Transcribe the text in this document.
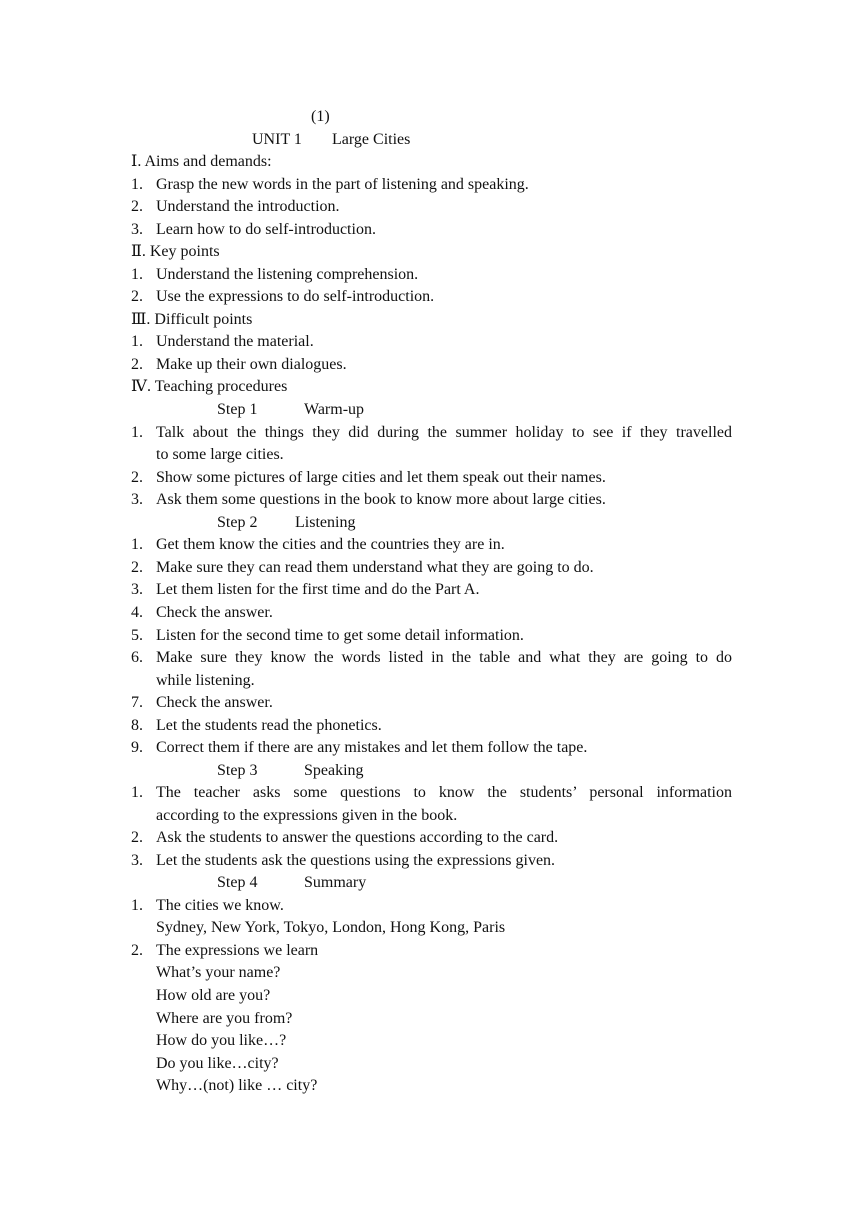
(1)
UNIT 1 Large Cities
Ⅰ. Aims and demands:
1. Grasp the new words in the part of listening and speaking.
2. Understand the introduction.
3. Learn how to do self-introduction.
Ⅱ. Key points
1. Understand the listening comprehension.
2. Use the expressions to do self-introduction.
Ⅲ. Difficult points
1. Understand the material.
2. Make up their own dialogues.
Ⅳ. Teaching procedures
Step 1	Warm-up
1. Talk about the things they did during the summer holiday to see if they travelled
to some large cities.
2. Show some pictures of large cities and let them speak out their names.
3. Ask them some questions in the book to know more about large cities.
Step 2 Listening
1. Get them know the cities and the countries they are in.
2. Make sure they can read them understand what they are going to do.
3. Let them listen for the first time and do the Part A.
4. Check the answer.
5. Listen for the second time to get some detail information.
6. Make sure they know the words listed in the table and what they are going to do
while listening.
7. Check the answer.
8. Let the students read the phonetics.
9. Correct them if there are any mistakes and let them follow the tape.
Step 3	Speaking
1. The teacher asks some questions to know the students’ personal information
according to the expressions given in the book.
2. Ask the students to answer the questions according to the card.
3. Let the students ask the questions using the expressions given.
Step 4	Summary
1. The cities we know.
Sydney, New York, Tokyo, London, Hong Kong, Paris
2. The expressions we learn
What’s your name?
How old are you?
Where are you from?
How do you like…?
Do you like…city?
Why…(not) like … city?
